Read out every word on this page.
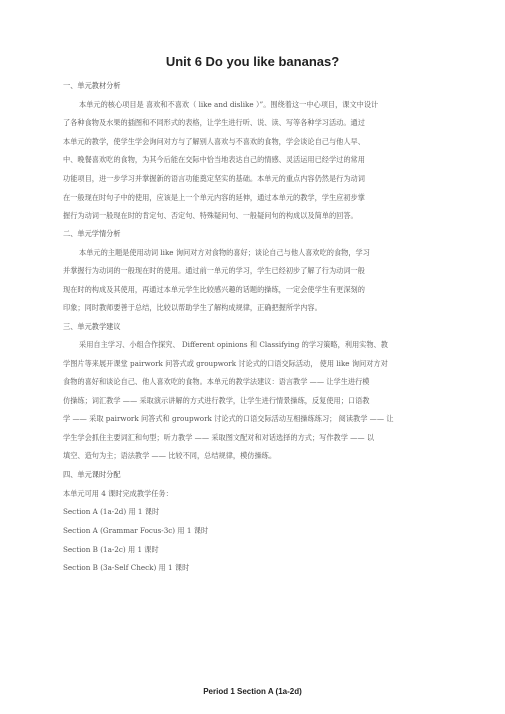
Unit 6 Do you like bananas?
一、单元教材分析
本单元的核心项目是 喜欢和不喜欢（ like and dislike ）”。围绕着这一中心项目，课文中设计
了各种食物及水果的插图和不同形式的表格，让学生进行听、说、读、写等各种学习活动。通过
本单元的教学，使学生学会询问对方与了解别人喜欢与不喜欢的食物，学会谈论自己与他人早、
中、晚餐喜欢吃的食物，为其今后能在交际中恰当地表达自己的情感、灵活运用已经学过的常用
功能项目，进一步学习并掌握新的语言功能奠定坚实的基础。本单元的重点内容仍然是行为动词
在一般现在时句子中的使用，应该是上一个单元内容的延伸，通过本单元的教学，学生应初步掌
握行为动词一般现在时的肯定句、否定句、特殊疑问句、一般疑问句的构成以及简单的回答。
二、单元学情分析
本单元的主题是使用动词 like 询问对方对食物的喜好；谈论自己与他人喜欢吃的食物，学习
并掌握行为动词的一般现在时的使用。通过前一单元的学习，学生已经初步了解了行为动词一般
现在时的构成及其使用，再通过本单元学生比较感兴趣的话题的操练，一定会使学生有更深刻的
印象；同时教师要善于总结，比较以帮助学生了解构成规律，正确把握所学内容。
三、单元教学建议
采用自主学习、小组合作探究、 Different opinions 和 Classifying 的学习策略，利用实物、教
学图片等来展开课堂 pairwork 问答式或 groupwork 讨论式的口语交际活动， 使用 like 询问对方对
食物的喜好和谈论自己、他人喜欢吃的食物。本单元的教学法建议：语言教学 —— 让学生进行模
仿操练；词汇教学 —— 采取演示讲解的方式进行教学，让学生进行情景操练，反复使用；口语教
学 —— 采取 pairwork 问答式和 groupwork 讨论式的口语交际活动互相操练练习； 阅读教学 —— 让
学生学会抓住主要词汇和句型；听力教学 —— 采取图文配对和对话选择的方式；写作教学 —— 以
填空、造句为主；语法教学 —— 比较不同，总结规律，模仿操练。
四、单元课时分配
本单元可用 4 课时完成教学任务：
Section A (1a-2d) 用 1 课时
Section A (Grammar Focus-3c) 用 1 课时
Section B (1a-2c) 用 1 课时
Section B (3a-Self Check) 用 1 课时
Period 1 Section A (1a-2d)
